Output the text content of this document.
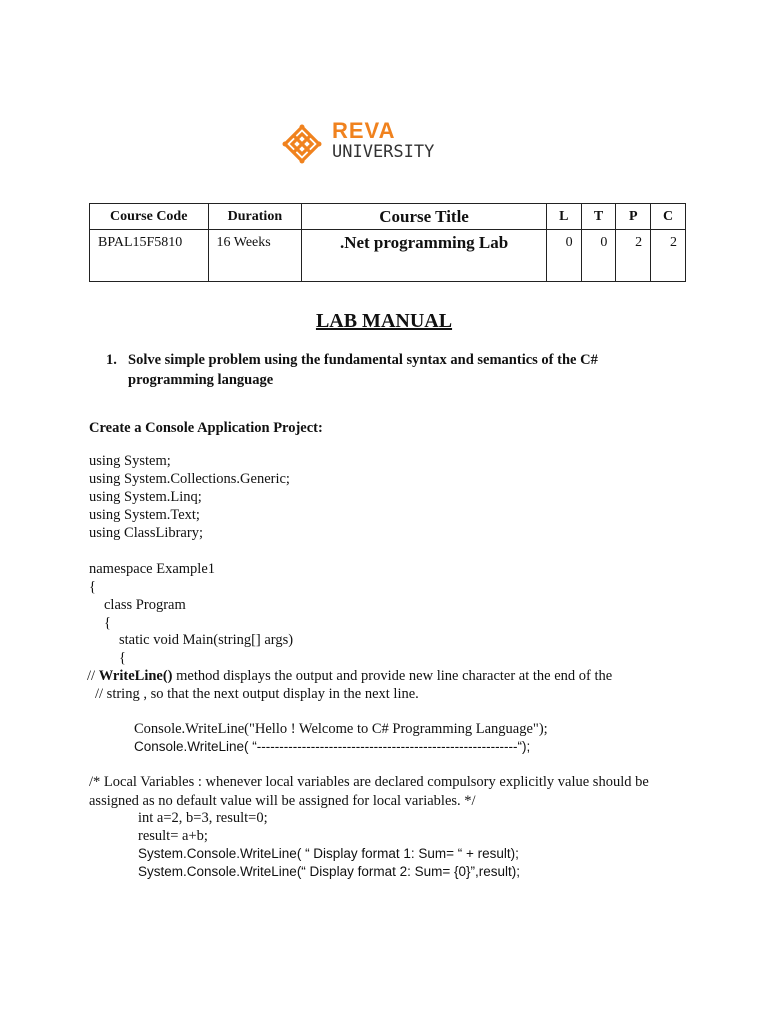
REVA
UNIVERSITY
Course Code	Duration	Course Title	L	T	P	C
BPAL15F5810	16 Weeks	.Net programming Lab	0	0	2	2
LAB MANUAL
1. Solve simple problem using the fundamental syntax and semantics of the C# programming language
Create a Console Application Project:
using System;
using System.Collections.Generic;
using System.Linq;
using System.Text;
using ClassLibrary;
namespace Example1
{
class Program
{
static void Main(string[] args)
{
// WriteLine() method displays the output and provide new line character at the end of the
// string , so that the next output display in the next line.
Console.WriteLine("Hello ! Welcome to C# Programming Language");
Console.WriteLine( “----------------------------------------------------------“);
/* Local Variables : whenever local variables are declared compulsory explicitly value should be
assigned as no default value will be assigned for local variables. */
int a=2, b=3, result=0;
result= a+b;
System.Console.WriteLine( “ Display format 1: Sum= “ + result);
System.Console.WriteLine(“ Display format 2: Sum= {0}”,result);
